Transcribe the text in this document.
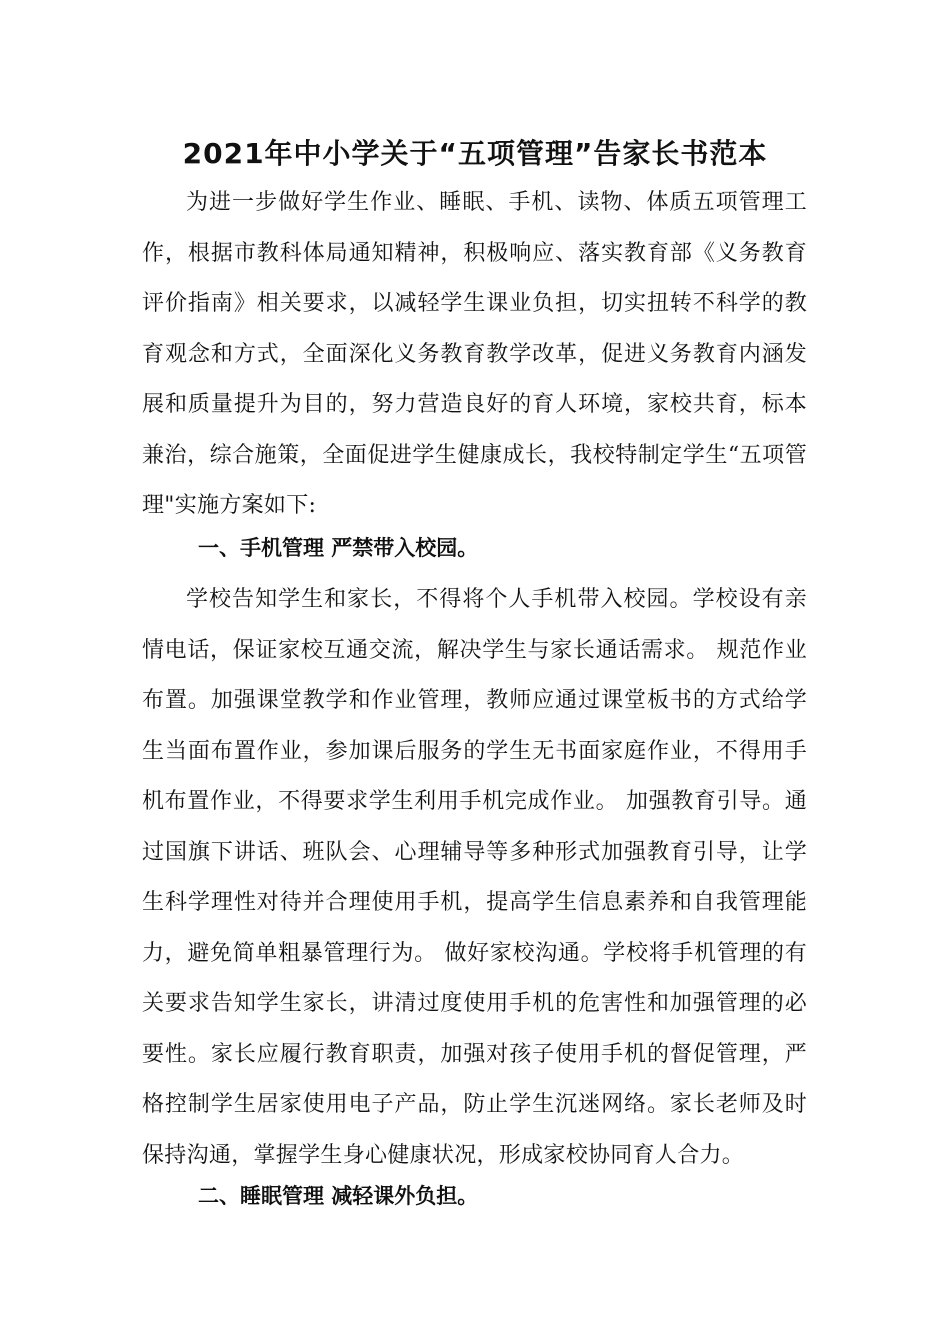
2021年中小学关于“五项管理”告家长书范本

为进一步做好学生作业、睡眠、手机、读物、体质五项管理工作，根据市教科体局通知精神，积极响应、落实教育部《义务教育评价指南》相关要求，以减轻学生课业负担，切实扭转不科学的教育观念和方式，全面深化义务教育教学改革，促进义务教育内涵发展和质量提升为目的，努力营造良好的育人环境，家校共育，标本兼治，综合施策，全面促进学生健康成长，我校特制定学生“五项管理"实施方案如下:

一、手机管理 严禁带入校园。

学校告知学生和家长，不得将个人手机带入校园。学校设有亲情电话，保证家校互通交流，解决学生与家长通话需求。 规范作业布置。加强课堂教学和作业管理，教师应通过课堂板书的方式给学生当面布置作业，参加课后服务的学生无书面家庭作业，不得用手机布置作业，不得要求学生利用手机完成作业。 加强教育引导。通过国旗下讲话、班队会、心理辅导等多种形式加强教育引导，让学生科学理性对待并合理使用手机，提高学生信息素养和自我管理能力，避免简单粗暴管理行为。 做好家校沟通。学校将手机管理的有关要求告知学生家长，讲清过度使用手机的危害性和加强管理的必要性。家长应履行教育职责，加强对孩子使用手机的督促管理，严格控制学生居家使用电子产品，防止学生沉迷网络。家长老师及时保持沟通，掌握学生身心健康状况，形成家校协同育人合力。

二、睡眠管理 减轻课外负担。
